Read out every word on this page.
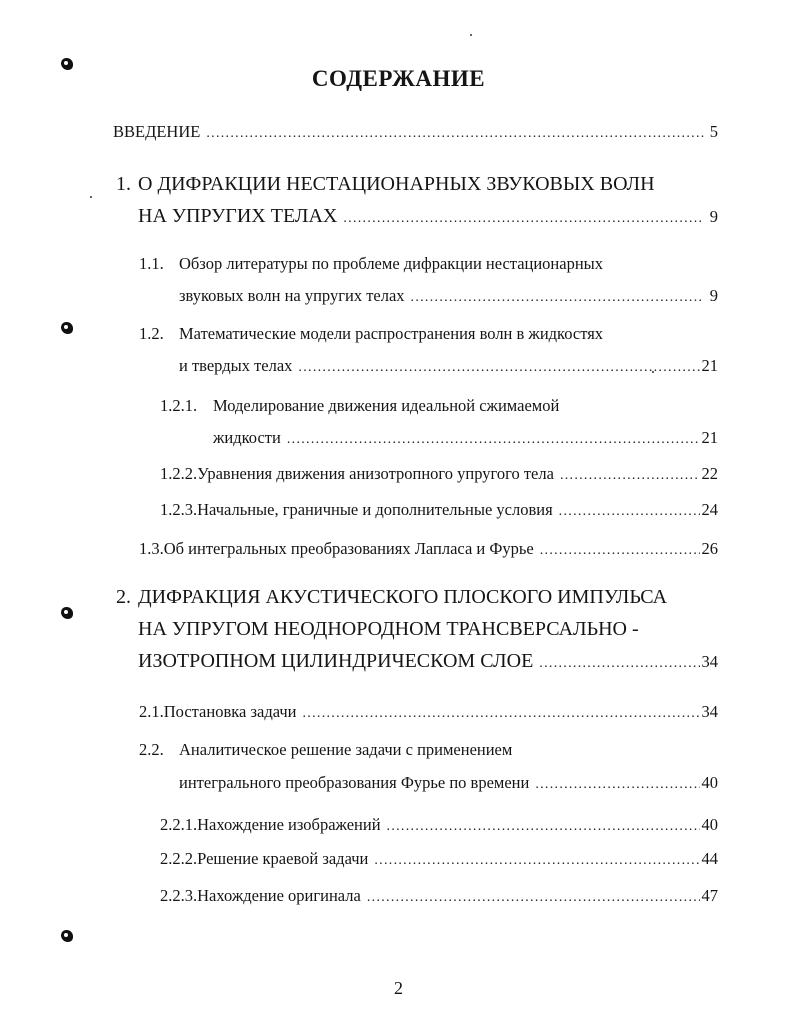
СОДЕРЖАНИЕ
ВВЕДЕНИЕ .....	5
1. О ДИФРАКЦИИ НЕСТАЦИОНАРНЫХ ЗВУКОВЫХ ВОЛН
НА УПРУГИХ ТЕЛАХ .....	9
1.1. Обзор литературы по проблеме дифракции нестационарных
звуковых волн на упругих телах .....	9
1.2. Математические модели распространения волн в жидкостях
и твердых телах .....	21
1.2.1. Моделирование движения идеальной сжимаемой
жидкости .....	21
1.2.2. Уравнения движения анизотропного упругого тела .....	22
1.2.3. Начальные, граничные и дополнительные условия .....	24
1.3. Об интегральных преобразованиях Лапласа и Фурье .....	26
2. ДИФРАКЦИЯ АКУСТИЧЕСКОГО ПЛОСКОГО ИМПУЛЬСА
НА УПРУГОМ НЕОДНОРОДНОМ ТРАНСВЕРСАЛЬНО -
ИЗОТРОПНОМ ЦИЛИНДРИЧЕСКОМ СЛОЕ .....	34
2.1. Постановка задачи .....	34
2.2. Аналитическое решение задачи с применением
интегрального преобразования Фурье по времени .....	40
2.2.1. Нахождение изображений .....	40
2.2.2. Решение краевой задачи .....	44
2.2.3. Нахождение оригинала .....	47
2
